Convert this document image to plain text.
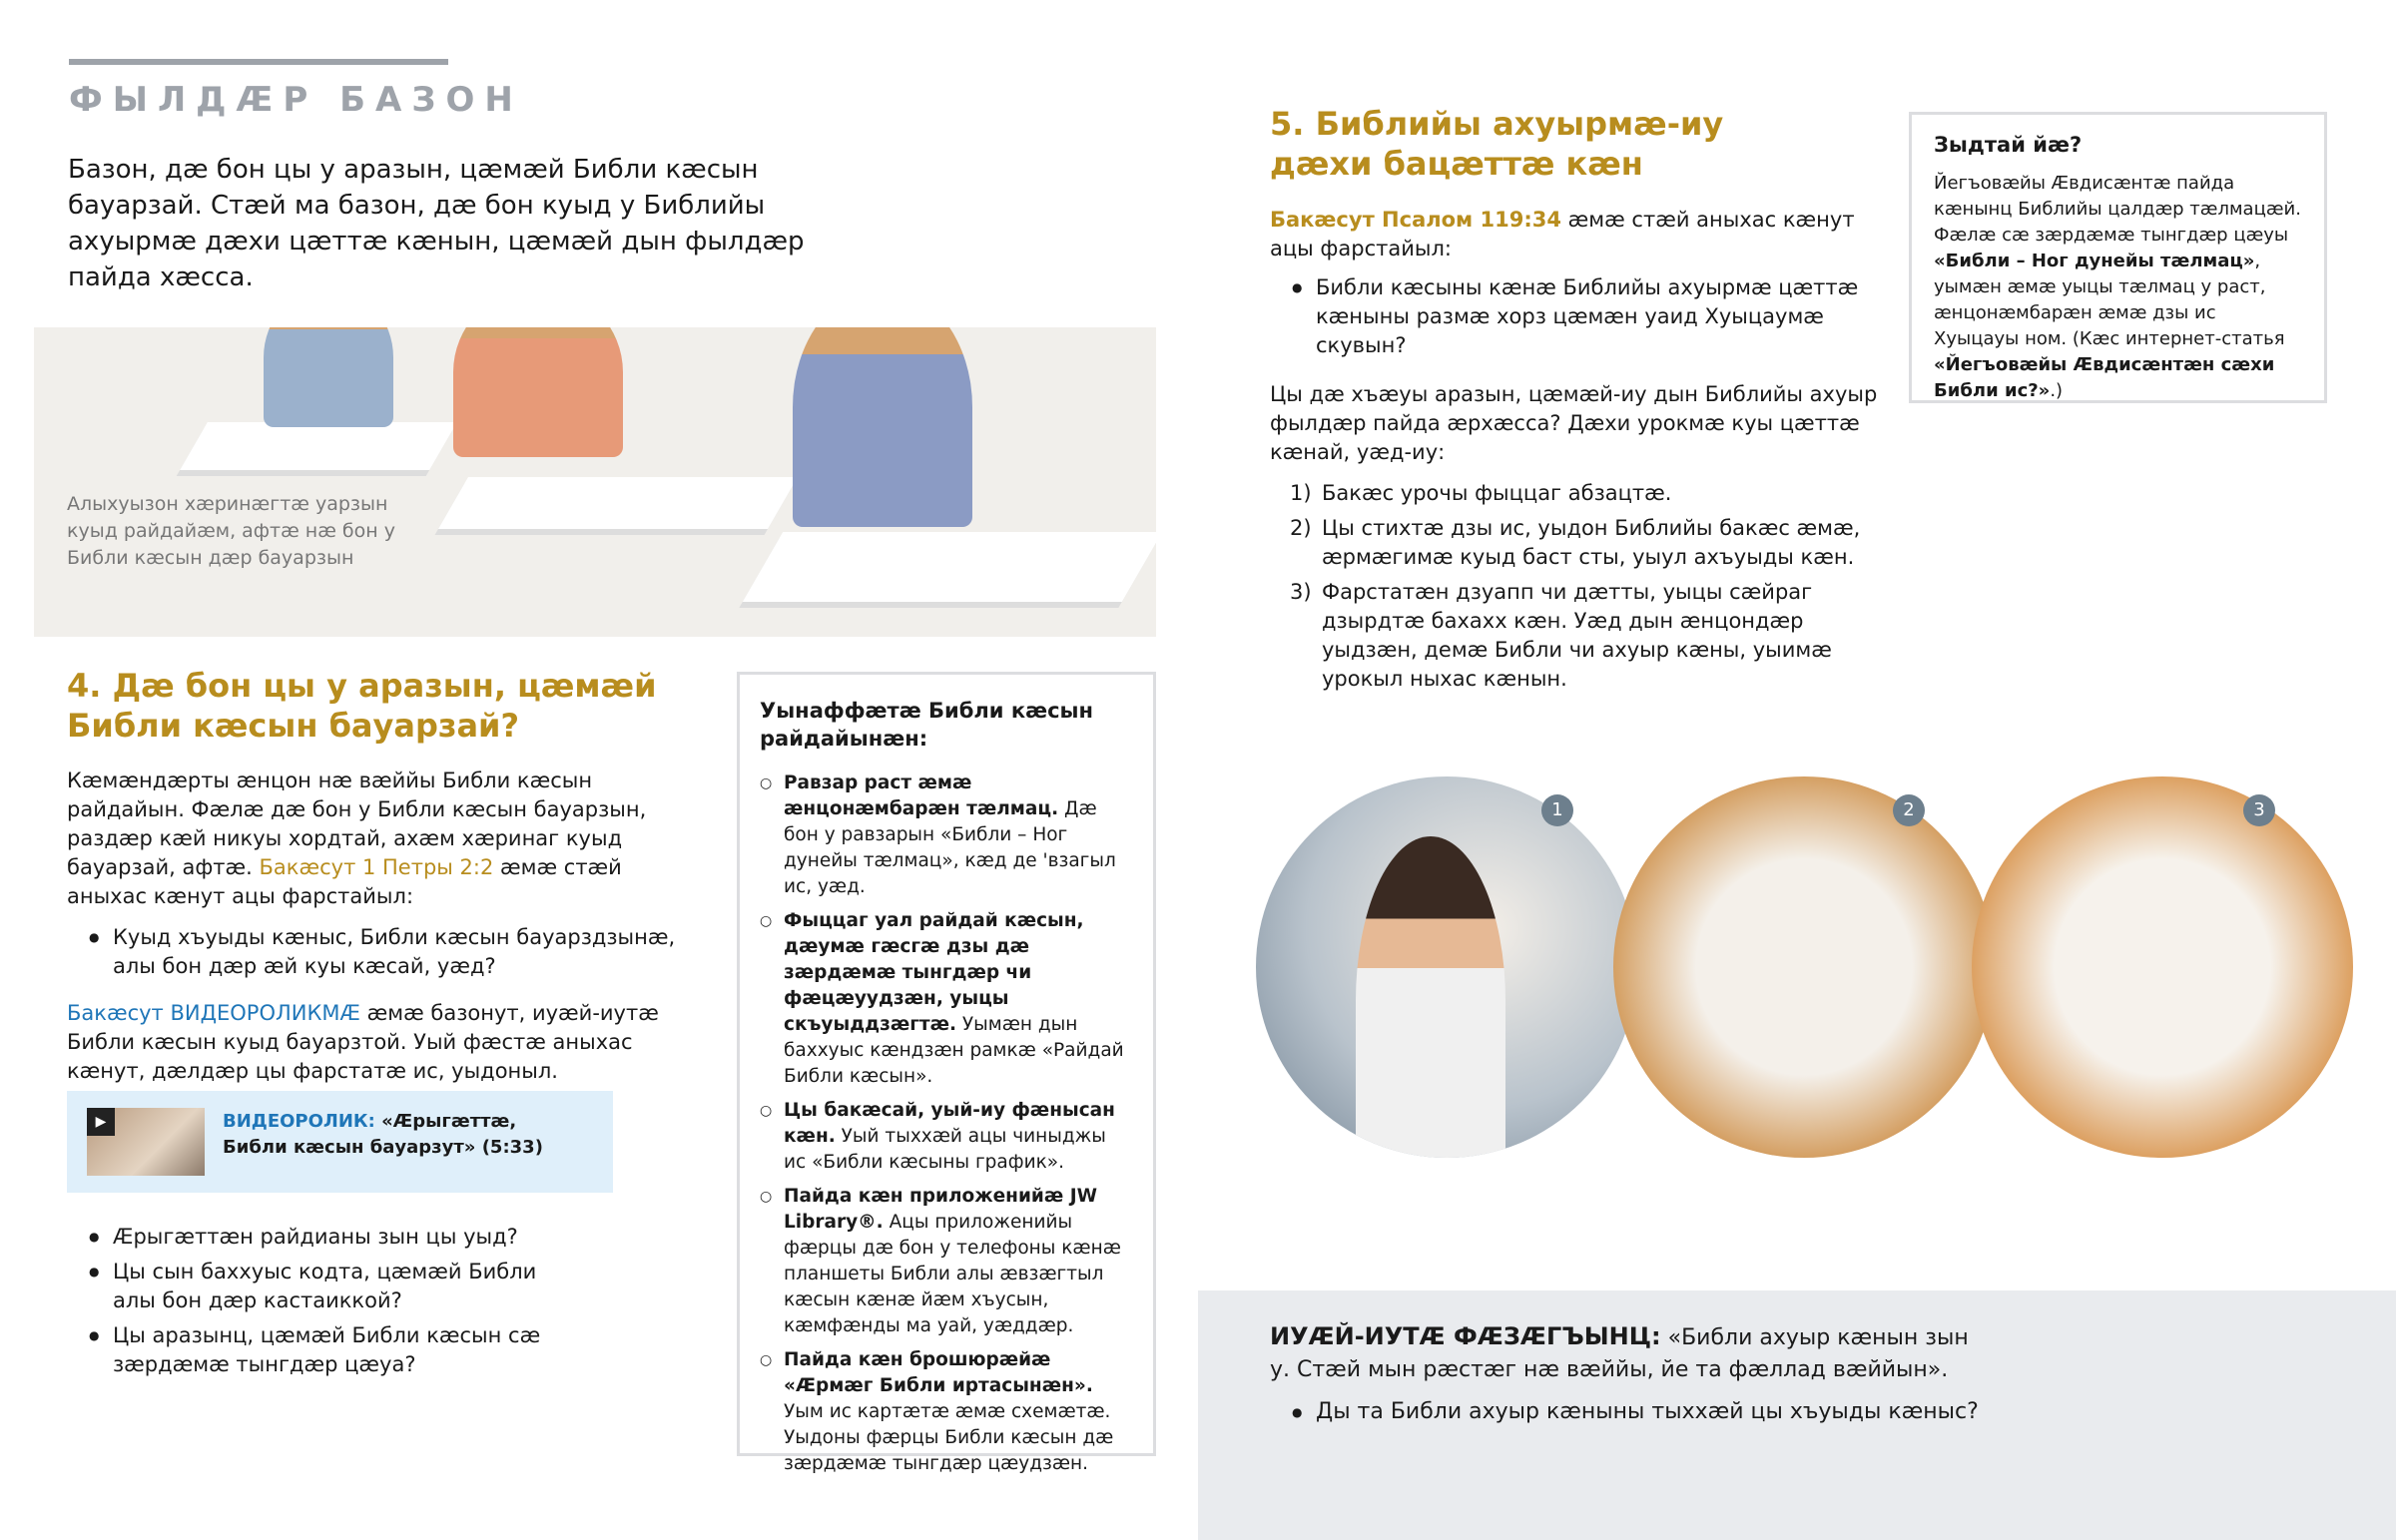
ФЫЛДÆР БАЗОН
Базон, дæ бон цы у аразын, цæмæй Библи кæсын бауарзай. Стæй ма базон, дæ бон куыд у Библийы ахуырмæ дæхи цæттæ кæнын, цæмæй дын фылдæр пайда хæсса.
Алыхуызон хæринæгтæ уарзын куыд райдайæм, афтæ нæ бон у Библи кæсын дæр бауарзын
4. Дæ бон цы у аразын, цæмæй Библи кæсын бауарзай?

Кæмæндæрты æнцон нæ вæййы Библи кæсын райдайын. Фæлæ дæ бон у Библи кæсын бауарзын, раздæр кæй никуы хордтай, ахæм хæринаг куыд бауарзай, афтæ. Бакæсут 1 Петры 2:2 æмæ стæй аныхас кæнут ацы фарстайыл:

● Куыд хъуыды кæныс, Библи кæсын бауарздзынæ, алы бон дæр æй куы кæсай, уæд?

Бакæсут ВИДЕОРОЛИКМÆ æмæ базонут, иуæй-иутæ Библи кæсын куыд бауарзтой. Уый фæстæ аныхас кæнут, дæлдæр цы фарстатæ ис, уыдоныл.

▶	ВИДЕОРОЛИК: «Æрыгæттæ, Библи кæсын бауарзут» (5:33)
● Æрыгæттæн райдианы зын цы уыд?
● Цы сын баххуыс кодта, цæмæй Библи алы бон дæр кастаиккой?
● Цы аразынц, цæмæй Библи кæсын сæ зæрдæмæ тынгдæр цæуа?
Уынаффæтæ Библи кæсын райдайынæн:
○ Равзар раст æмæ æнцонæмбарæн тæлмац. Дæ бон у равзарын «Библи – Ног дунейы тæлмац», кæд де 'взагыл ис, уæд.
○ Фыццаг уал райдай кæсын, дæумæ гæсгæ дзы дæ зæрдæмæ тынгдæр чи фæцæуудзæн, уыцы скъуыддзæгтæ. Уымæн дын баххуыс кæндзæн рамкæ «Райдай Библи кæсын».
○ Цы бакæсай, уый-иу фæнысан кæн. Уый тыххæй ацы чиныджы ис «Библи кæсыны график».
○ Пайда кæн приложенийæ JW Library®. Ацы приложенийы фæрцы дæ бон у телефоны кæнæ планшеты Библи алы æвзæгтыл кæсын кæнæ йæм хъусын, кæмфæнды ма уай, уæддæр.
○ Пайда кæн брошюрæйæ «Æрмæг Библи иртасынæн». Уым ис картæтæ æмæ схемæтæ. Уыдоны фæрцы Библи кæсын дæ зæрдæмæ тынгдæр цæудзæн.
5. Библийы ахуырмæ-иу дæхи бацæттæ кæн

Бакæсут Псалом 119:34 æмæ стæй аныхас кæнут ацы фарстайыл:

● Библи кæсыны кæнæ Библийы ахуырмæ цæттæ кæныны размæ хорз цæмæн уаид Хуыцаумæ скувын?

Цы дæ хъæуы аразын, цæмæй-иу дын Библийы ахуыр фылдæр пайда æрхæсса? Дæхи урокмæ куы цæттæ кæнай, уæд-иу:

1) Бакæс урочы фыццаг абзацтæ.
2) Цы стихтæ дзы ис, уыдон Библийы бакæс æмæ, æрмæгимæ куыд баст сты, уыул ахъуыды кæн.
3) Фарстатæн дзуапп чи дæтты, уыцы сæйраг дзырдтæ бахахх кæн. Уæд дын æнцондæр уыдзæн, демæ Библи чи ахуыр кæны, уыимæ урокыл ныхас кæнын.
Зыдтай йæ?

Йегъовæйы Æвдисæнтæ пайда кæнынц Библийы цалдæр тæлмацæй. Фæлæ сæ зæрдæмæ тынгдæр цæуы «Библи – Ног дунейы тæлмац», уымæн æмæ уыцы тæлмац у раст, æнцонæмбарæн æмæ дзы ис Хуыцауы ном. (Кæс интернет-статья «Йегъовæйы Æвдисæнтæн сæхи Библи ис?».)

1	2	3

ИУÆЙ-ИУТÆ ФÆЗÆГЪЫНЦ: «Библи ахуыр кæнын зын у. Стæй мын рæстæг нæ вæййы, йе та фæллад вæййын».

● Ды та Библи ахуыр кæныны тыххæй цы хъуыды кæныс?
